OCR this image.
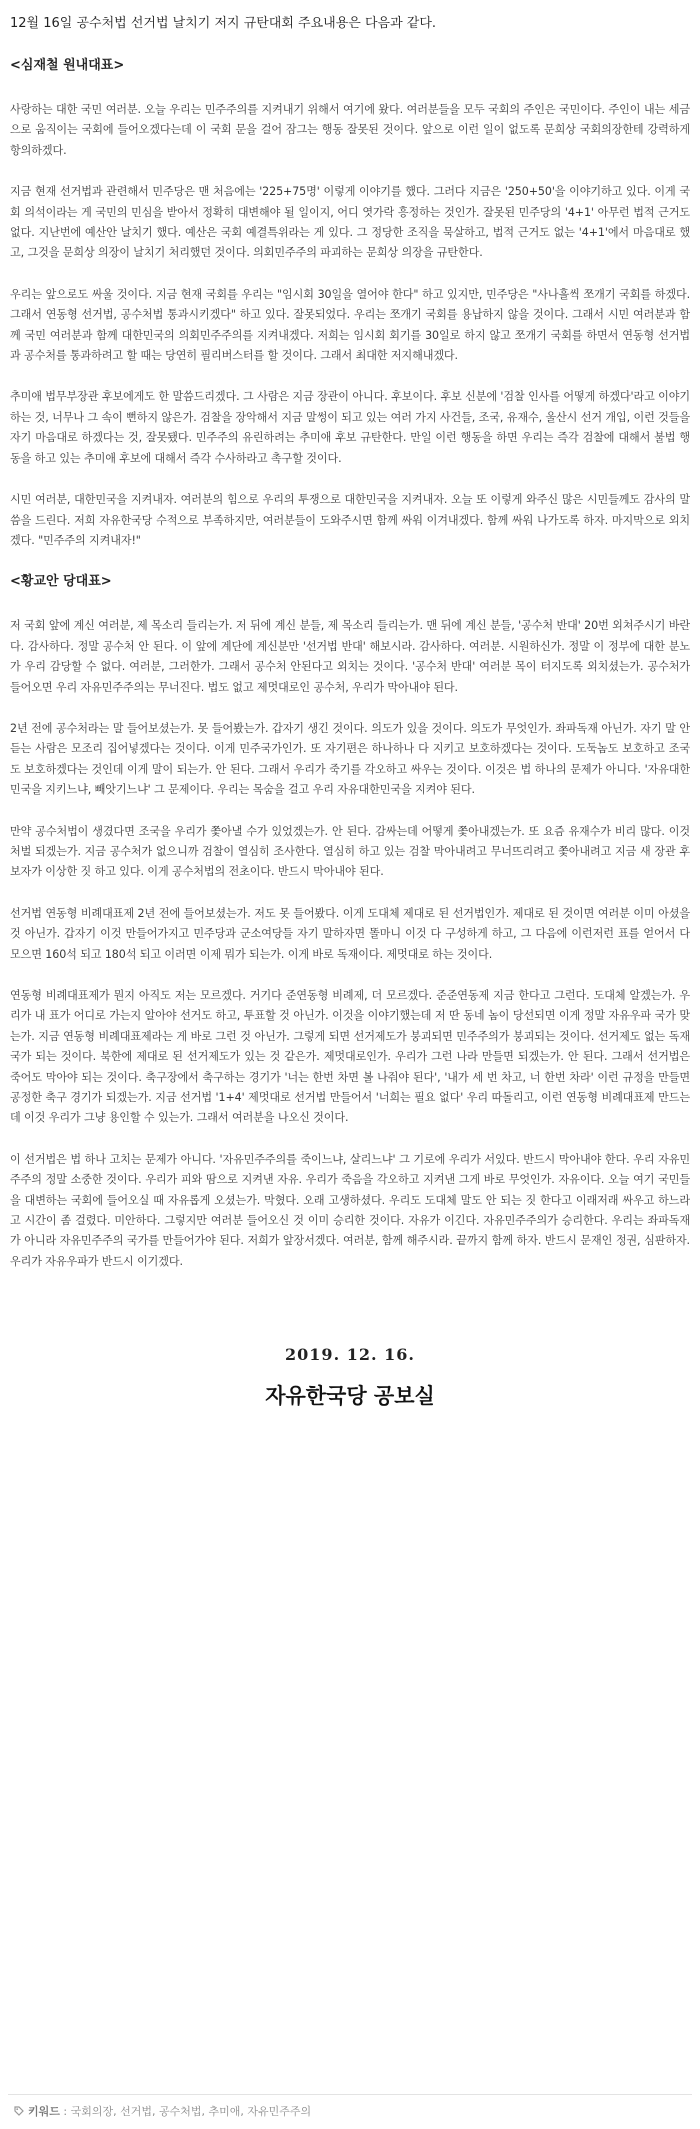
12월 16일 공수처법 선거법 날치기 저지 규탄대회 주요내용은 다음과 같다.

<심재철 원내대표>

사랑하는 대한 국민 여러분. 오늘 우리는 민주주의를 지켜내기 위해서 여기에 왔다. 여러분들을 모두 국회의 주인은 국민이다. 주인이 내는 세금으로 움직이는 국회에 들어오겠다는데 이 국회 문을 걸어 잠그는 행동 잘못된 것이다. 앞으로 이런 일이 없도록 문희상 국회의장한테 강력하게 항의하겠다.

지금 현재 선거법과 관련해서 민주당은 맨 처음에는 '225+75명' 이렇게 이야기를 했다. 그러다 지금은 '250+50'을 이야기하고 있다. 이게 국회 의석이라는 게 국민의 민심을 받아서 정확히 대변해야 될 일이지, 어디 엿가락 흥정하는 것인가. 잘못된 민주당의 '4+1' 아무런 법적 근거도 없다. 지난번에 예산안 날치기 했다. 예산은 국회 예결특위라는 게 있다. 그 정당한 조직을 묵살하고, 법적 근거도 없는 '4+1'에서 마음대로 했고, 그것을 문희상 의장이 날치기 처리했던 것이다. 의회민주주의 파괴하는 문희상 의장을 규탄한다.

우리는 앞으로도 싸울 것이다. 지금 현재 국회를 우리는 "임시회 30일을 열어야 한다" 하고 있지만, 민주당은 "사나흘씩 쪼개기 국회를 하겠다. 그래서 연동형 선거법, 공수처법 통과시키겠다" 하고 있다. 잘못되었다. 우리는 쪼개기 국회를 용납하지 않을 것이다. 그래서 시민 여러분과 함께 국민 여러분과 함께 대한민국의 의회민주주의를 지켜내겠다. 저희는 임시회 회기를 30일로 하지 않고 쪼개기 국회를 하면서 연동형 선거법과 공수처를 통과하려고 할 때는 당연히 필리버스터를 할 것이다. 그래서 최대한 저지해내겠다.

추미애 법무부장관 후보에게도 한 말씀드리겠다. 그 사람은 지금 장관이 아니다. 후보이다. 후보 신분에 '검찰 인사를 어떻게 하겠다'라고 이야기하는 것, 너무나 그 속이 뻔하지 않은가. 검찰을 장악해서 지금 말썽이 되고 있는 여러 가지 사건들, 조국, 유재수, 울산시 선거 개입, 이런 것들을 자기 마음대로 하겠다는 것, 잘못됐다. 민주주의 유린하려는 추미애 후보 규탄한다. 만일 이런 행동을 하면 우리는 즉각 검찰에 대해서 불법 행동을 하고 있는 추미애 후보에 대해서 즉각 수사하라고 촉구할 것이다.

시민 여러분, 대한민국을 지켜내자. 여러분의 힘으로 우리의 투쟁으로 대한민국을 지켜내자. 오늘 또 이렇게 와주신 많은 시민들께도 감사의 말씀을 드린다. 저희 자유한국당 수적으로 부족하지만, 여러분들이 도와주시면 함께 싸워 이겨내겠다. 함께 싸워 나가도록 하자. 마지막으로 외치겠다. "민주주의 지켜내자!"

<황교안 당대표>

저 국회 앞에 계신 여러분, 제 목소리 들리는가. 저 뒤에 계신 분들, 제 목소리 들리는가. 맨 뒤에 계신 분들, '공수처 반대' 20번 외쳐주시기 바란다. 감사하다. 정말 공수처 안 된다. 이 앞에 계단에 계신분만 '선거법 반대' 해보시라. 감사하다. 여러분. 시원하신가. 정말 이 정부에 대한 분노가 우리 감당할 수 없다. 여러분, 그러한가. 그래서 공수처 안된다고 외치는 것이다. '공수처 반대' 여러분 목이 터지도록 외치셨는가. 공수처가 들어오면 우리 자유민주주의는 무너진다. 법도 없고 제멋대로인 공수처, 우리가 막아내야 된다.

2년 전에 공수처라는 말 들어보셨는가. 못 들어봤는가. 갑자기 생긴 것이다. 의도가 있을 것이다. 의도가 무엇인가. 좌파독재 아닌가. 자기 말 안 듣는 사람은 모조리 집어넣겠다는 것이다. 이게 민주국가인가. 또 자기편은 하나하나 다 지키고 보호하겠다는 것이다. 도둑놈도 보호하고 조국도 보호하겠다는 것인데 이게 말이 되는가. 안 된다. 그래서 우리가 죽기를 각오하고 싸우는 것이다. 이것은 법 하나의 문제가 아니다. '자유대한민국을 지키느냐, 빼앗기느냐' 그 문제이다. 우리는 목숨을 걸고 우리 자유대한민국을 지켜야 된다.

만약 공수처법이 생겼다면 조국을 우리가 쫓아낼 수가 있었겠는가. 안 된다. 감싸는데 어떻게 쫓아내겠는가. 또 요즘 유재수가 비리 많다. 이것 처벌 되겠는가. 지금 공수처가 없으니까 검찰이 열심히 조사한다. 열심히 하고 있는 검찰 막아내려고 무너뜨리려고 쫓아내려고 지금 새 장관 후보자가 이상한 짓 하고 있다. 이게 공수처법의 전초이다. 반드시 막아내야 된다.

선거법 연동형 비례대표제 2년 전에 들어보셨는가. 저도 못 들어봤다. 이게 도대체 제대로 된 선거법인가. 제대로 된 것이면 여러분 이미 아셨을 것 아닌가. 갑자기 이것 만들어가지고 민주당과 군소여당들 자기 말하자면 똘마니 이것 다 구성하게 하고, 그 다음에 이런저런 표를 얻어서 다 모으면 160석 되고 180석 되고 이러면 이제 뭐가 되는가. 이게 바로 독재이다. 제멋대로 하는 것이다.

연동형 비례대표제가 뭔지 아직도 저는 모르겠다. 거기다 준연동형 비례제, 더 모르겠다. 준준연동제 지금 한다고 그런다. 도대체 알겠는가. 우리가 내 표가 어디로 가는지 알아야 선거도 하고, 투표할 것 아닌가. 이것을 이야기했는데 저 딴 동네 놈이 당선되면 이게 정말 자유우파 국가 맞는가. 지금 연동형 비례대표제라는 게 바로 그런 것 아닌가. 그렇게 되면 선거제도가 붕괴되면 민주주의가 붕괴되는 것이다. 선거제도 없는 독재국가 되는 것이다. 북한에 제대로 된 선거제도가 있는 것 같은가. 제멋대로인가. 우리가 그런 나라 만들면 되겠는가. 안 된다. 그래서 선거법은 죽어도 막아야 되는 것이다. 축구장에서 축구하는 경기가 '너는 한번 차면 볼 나줘야 된다', '내가 세 번 차고, 너 한번 차라' 이런 규정을 만들면 공정한 축구 경기가 되겠는가. 지금 선거법 '1+4' 제멋대로 선거법 만들어서 '너희는 필요 없다' 우리 따돌리고, 이런 연동형 비례대표제 만드는데 이것 우리가 그냥 용인할 수 있는가. 그래서 여러분을 나오신 것이다.

이 선거법은 법 하나 고치는 문제가 아니다. '자유민주주의를 죽이느냐, 살리느냐' 그 기로에 우리가 서있다. 반드시 막아내야 한다. 우리 자유민주주의 정말 소중한 것이다. 우리가 피와 땀으로 지켜낸 자유. 우리가 죽음을 각오하고 지켜낸 그게 바로 무엇인가. 자유이다. 오늘 여기 국민들을 대변하는 국회에 들어오실 때 자유롭게 오셨는가. 막혔다. 오래 고생하셨다. 우리도 도대체 말도 안 되는 짓 한다고 이래저래 싸우고 하느라고 시간이 좀 걸렸다. 미안하다. 그렇지만 여러분 들어오신 것 이미 승리한 것이다. 자유가 이긴다. 자유민주주의가 승리한다. 우리는 좌파독재가 아니라 자유민주주의 국가를 만들어가야 된다. 저희가 앞장서겠다. 여러분, 함께 해주시라. 끝까지 함께 하자. 반드시 문재인 정권, 심판하자. 우리가 자유우파가 반드시 이기겠다.

2019. 12. 16.
자유한국당 공보실
키워드 : 국회의장, 선거법, 공수처법, 추미애, 자유민주주의
